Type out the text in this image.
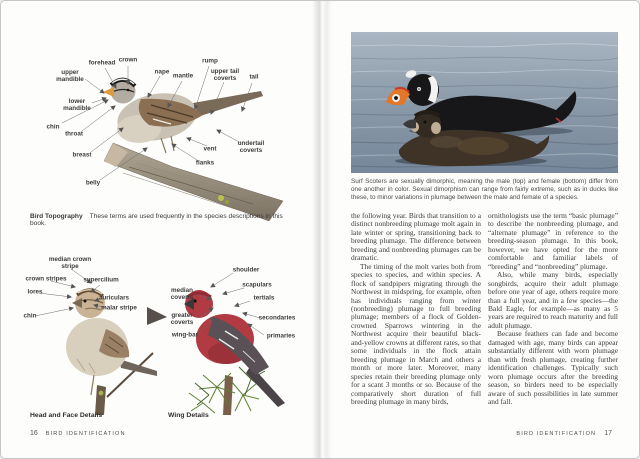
upper mandible
forehead crown
nape
mantle
rump
upper tail coverts	tail
lower mandible
chin
throat
breast
belly
flanks
vent
undertail coverts
Bird Topography These terms are used frequently in the species descriptions in this book.
median crown stripe
crown stripes	supercilium
lores
auriculars
malar stripe
chin
shoulder
scapulars
median coverts	tertials
greater coverts
secondaries
wing-bar	primaries
Head and Face Details	Wing Details
16 BIRD IDENTIFICATION
Surf Scoters are sexually dimorphic, meaning the male (top) and female (bottom) differ from one another in color. Sexual dimorphism can range from fairly extreme, such as in ducks like these, to minor variations in plumage between the male and female of a species.

the following year. Birds that transition to a distinct nonbreeding plumage molt again in late winter or spring, transitioning back to breeding plumage. The difference between breeding and nonbreeding plumages can be dramatic.

The timing of the molt varies both from species to species, and within species. A flock of sandpipers migrating through the Northwest in midspring, for example, often has individuals ranging from winter (nonbreeding) plumage to full breeding plumage; members of a flock of Golden-crowned Sparrows wintering in the Northwest acquire their beautiful black-and-yellow crowns at different rates, so that some individuals in the flock attain breeding plumage in March and others a month or more later. Moreover, many species retain their breeding plumage only for a scant 3 months or so. Because of the comparatively short duration of full breeding plumage in many birds,

ornithologists use the term “basic plumage” to describe the nonbreeding plumage, and “alternate plumage” in reference to the breeding-season plumage. In this book, however, we have opted for the more comfortable and familiar labels of “breeding” and “nonbreeding” plumage.

Also, while many birds, especially songbirds, acquire their adult plumage before one year of age, others require more than a full year, and in a few species—the Bald Eagle, for example—as many as 5 years are required to reach maturity and full adult plumage.

Because feathers can fade and become damaged with age, many birds can appear substantially different with worn plumage than with fresh plumage, creating further identification challenges. Typically such worn plumage occurs after the breeding season, so birders need to be especially aware of such possibilities in late summer and fall.

BIRD IDENTIFICATION 17
